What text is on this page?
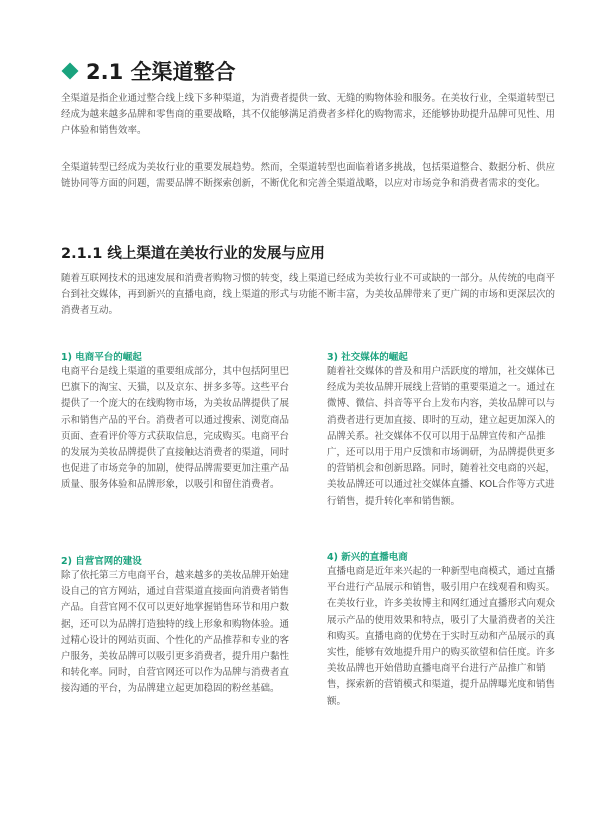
2.1 全渠道整合

全渠道是指企业通过整合线上线下多种渠道，为消费者提供一致、无缝的购物体验和服务。在美妆行业，全渠道转型已经成为越来越多品牌和零售商的重要战略，其不仅能够满足消费者多样化的购物需求，还能够协助提升品牌可见性、用户体验和销售效率。

全渠道转型已经成为美妆行业的重要发展趋势。然而，全渠道转型也面临着诸多挑战，包括渠道整合、数据分析、供应链协同等方面的问题，需要品牌不断探索创新，不断优化和完善全渠道战略，以应对市场竞争和消费者需求的变化。

2.1.1 线上渠道在美妆行业的发展与应用

随着互联网技术的迅速发展和消费者购物习惯的转变，线上渠道已经成为美妆行业不可或缺的一部分。从传统的电商平台到社交媒体，再到新兴的直播电商，线上渠道的形式与功能不断丰富，为美妆品牌带来了更广阔的市场和更深层次的消费者互动。

1) 电商平台的崛起

电商平台是线上渠道的重要组成部分，其中包括阿里巴巴旗下的淘宝、天猫，以及京东、拼多多等。这些平台提供了一个庞大的在线购物市场，为美妆品牌提供了展示和销售产品的平台。消费者可以通过搜索、浏览商品页面、查看评价等方式获取信息，完成购买。电商平台的发展为美妆品牌提供了直接触达消费者的渠道，同时也促进了市场竞争的加剧，使得品牌需要更加注重产品质量、服务体验和品牌形象，以吸引和留住消费者。

3) 社交媒体的崛起

随着社交媒体的普及和用户活跃度的增加，社交媒体已经成为美妆品牌开展线上营销的重要渠道之一。通过在微博、微信、抖音等平台上发布内容，美妆品牌可以与消费者进行更加直接、即时的互动，建立起更加深入的品牌关系。社交媒体不仅可以用于品牌宣传和产品推广，还可以用于用户反馈和市场调研，为品牌提供更多的营销机会和创新思路。同时，随着社交电商的兴起，美妆品牌还可以通过社交媒体直播、KOL合作等方式进行销售，提升转化率和销售额。

2) 自营官网的建设

除了依托第三方电商平台，越来越多的美妆品牌开始建设自己的官方网站，通过自营渠道直接面向消费者销售产品。自营官网不仅可以更好地掌握销售环节和用户数据，还可以为品牌打造独特的线上形象和购物体验。通过精心设计的网站页面、个性化的产品推荐和专业的客户服务，美妆品牌可以吸引更多消费者，提升用户黏性和转化率。同时，自营官网还可以作为品牌与消费者直接沟通的平台，为品牌建立起更加稳固的粉丝基础。

4) 新兴的直播电商

直播电商是近年来兴起的一种新型电商模式，通过直播平台进行产品展示和销售，吸引用户在线观看和购买。在美妆行业，许多美妆博主和网红通过直播形式向观众展示产品的使用效果和特点，吸引了大量消费者的关注和购买。直播电商的优势在于实时互动和产品展示的真实性，能够有效地提升用户的购买欲望和信任度。许多美妆品牌也开始借助直播电商平台进行产品推广和销售，探索新的营销模式和渠道，提升品牌曝光度和销售额。
